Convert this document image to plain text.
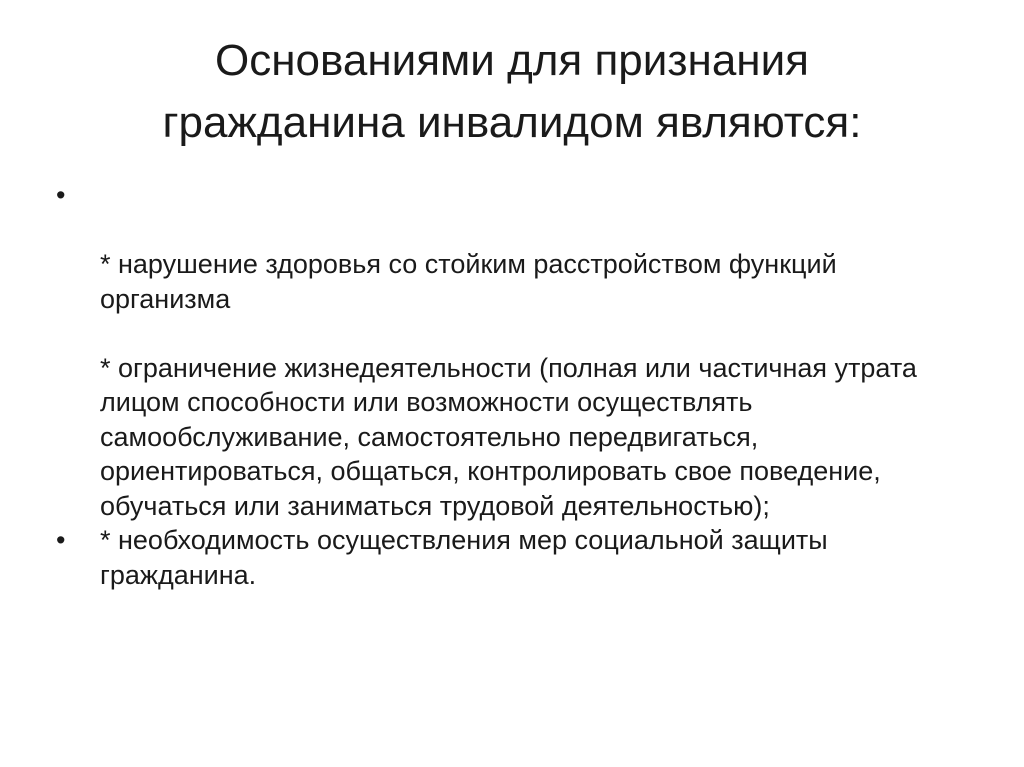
Основаниями для признания
гражданина инвалидом являются:
•
* нарушение здоровья со стойким расстройством функций организма
* ограничение жизнедеятельности (полная или частичная утрата лицом способности или возможности осуществлять самообслуживание, самостоятельно передвигаться, ориентироваться, общаться, контролировать свое поведение, обучаться или заниматься трудовой деятельностью);
•	* необходимость осуществления мер социальной защиты гражданина.
